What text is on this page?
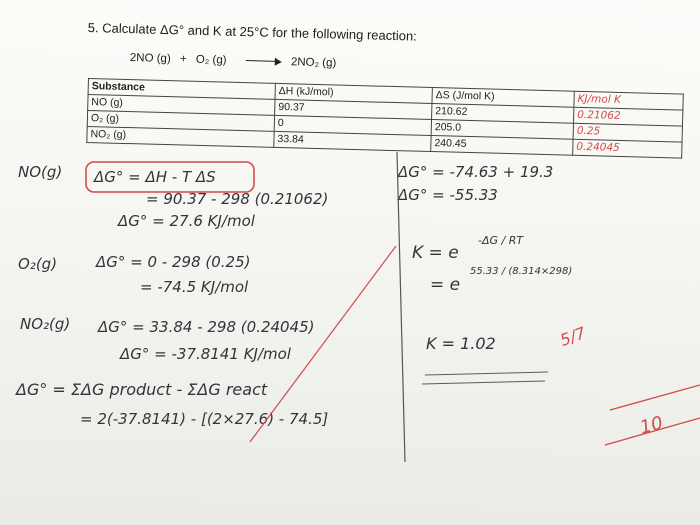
5. Calculate ΔG° and K at 25°C for the following reaction:
2NO (g) + O₂ (g)	2NO₂ (g)
Substance	ΔH (kJ/mol)	ΔS (J/mol K)	KJ/mol K
NO (g)	90.37	210.62	0.21062
O₂ (g)	0	205.0	0.25
NO₂ (g)	33.84	240.45	0.24045
NO(g) ΔG° = ΔH - T ΔS
= 90.37 - 298 (0.21062)
ΔG° = 27.6 KJ/mol
O₂(g)	ΔG° = 0 - 298 (0.25)
= -74.5 KJ/mol
NO₂(g) ΔG° = 33.84 - 298 (0.24045)
ΔG° = -37.8141 KJ/mol
ΔG° = ΣΔG product - ΣΔG react
= 2(-37.8141) - [(2×27.6) - 74.5]
ΔG° = -74.63 + 19.3
ΔG° = -55.33
K = e
-ΔG / RT
= e
55.33 / (8.314×298)
K = 1.02	5/7
10
